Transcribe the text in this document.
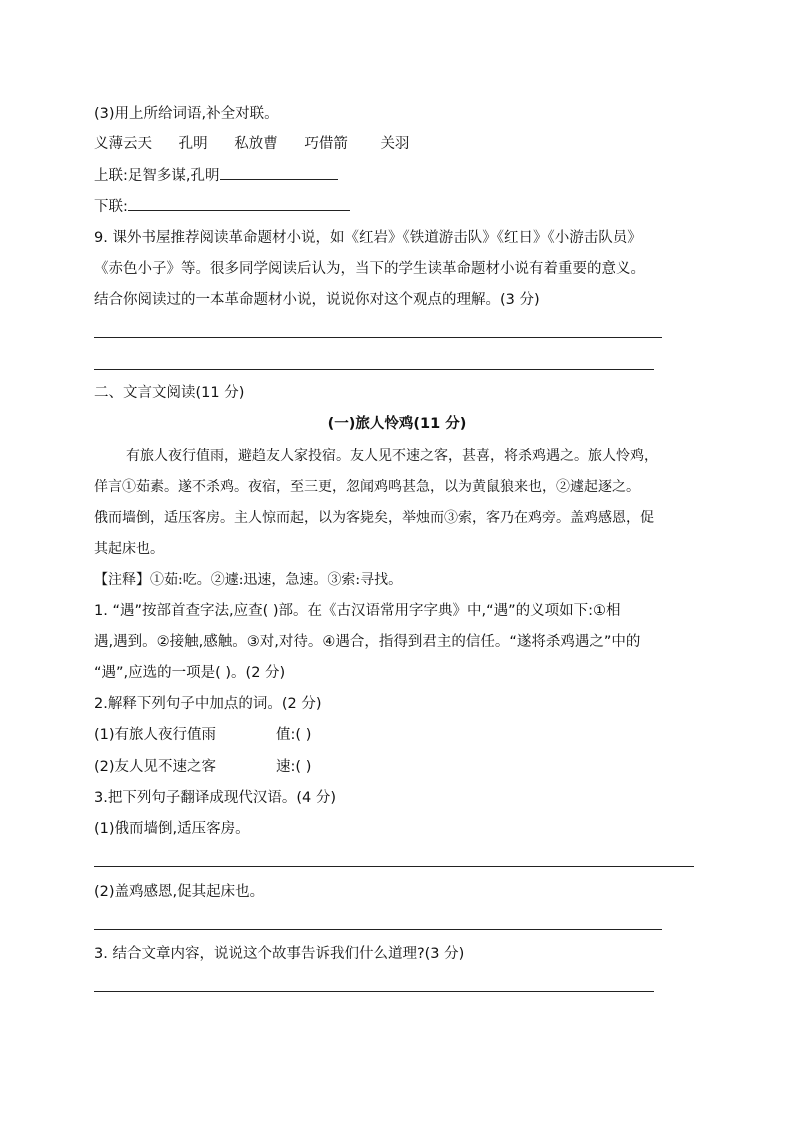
(3)用上所给词语,补全对联。
义薄云天 孔明 私放曹 巧借箭 关羽
上联:足智多谋,孔明
下联:
9. 课外书屋推荐阅读革命题材小说，如《红岩》《铁道游击队》《红日》《小游击队员》
《赤色小子》等。很多同学阅读后认为，当下的学生读革命题材小说有着重要的意义。
结合你阅读过的一本革命题材小说，说说你对这个观点的理解。(3 分)
二、文言文阅读(11 分)
(一)旅人怜鸡(11 分)
有旅人夜行值雨，避趋友人家投宿。友人见不速之客，甚喜，将杀鸡遇之。旅人怜鸡，
佯言①茹素。遂不杀鸡。夜宿，至三更，忽闻鸡鸣甚急，以为黄鼠狼来也，②遽起逐之。
俄而墙倒，适压客房。主人惊而起，以为客毙矣，举烛而③索，客乃在鸡旁。盖鸡感恩，促
其起床也。
【注释】①茹:吃。②遽:迅速，急速。③索:寻找。
1. “遇”按部首查字法,应查( )部。在《古汉语常用字字典》中,“遇”的义项如下:①相
遇,遇到。②接触,感触。③对,对待。④遇合，指得到君主的信任。“遂将杀鸡遇之”中的
“遇”,应选的一项是( )。(2 分)
2.解释下列句子中加点的词。(2 分)
(1)有旅人夜行值雨	值:( )
(2)友人见不速之客	速:( )
3.把下列句子翻译成现代汉语。(4 分)
(1)俄而墙倒,适压客房。
(2)盖鸡感恩,促其起床也。
3. 结合文章内容，说说这个故事告诉我们什么道理?(3 分)
